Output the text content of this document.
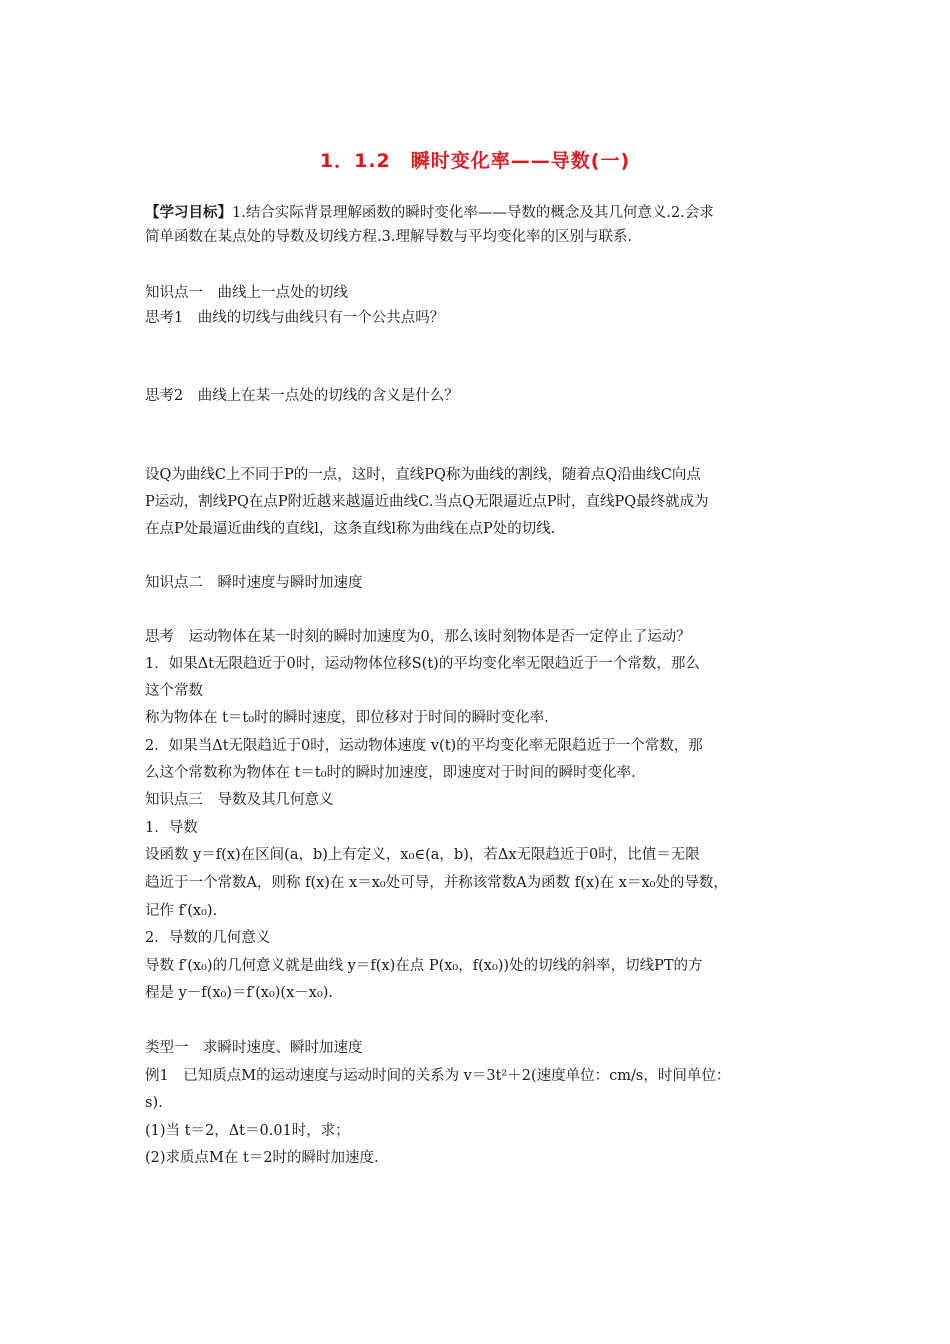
1．1.2　瞬时变化率——导数(一)
【学习目标】1.结合实际背景理解函数的瞬时变化率——导数的概念及其几何意义.2.会求
简单函数在某点处的导数及切线方程.3.理解导数与平均变化率的区别与联系.
知识点一　曲线上一点处的切线
思考1　曲线的切线与曲线只有一个公共点吗？
思考2　曲线上在某一点处的切线的含义是什么？
设Q为曲线C上不同于P的一点，这时，直线PQ称为曲线的割线，随着点Q沿曲线C向点
P运动，割线PQ在点P附近越来越逼近曲线C.当点Q无限逼近点P时，直线PQ最终就成为
在点P处最逼近曲线的直线l，这条直线l称为曲线在点P处的切线.
知识点二　瞬时速度与瞬时加速度
思考　运动物体在某一时刻的瞬时加速度为0，那么该时刻物体是否一定停止了运动？
1．如果Δt无限趋近于0时，运动物体位移S(t)的平均变化率无限趋近于一个常数，那么
这个常数
称为物体在 t＝t₀时的瞬时速度，即位移对于时间的瞬时变化率.
2．如果当Δt无限趋近于0时，运动物体速度 v(t)的平均变化率无限趋近于一个常数，那
么这个常数称为物体在 t＝t₀时的瞬时加速度，即速度对于时间的瞬时变化率.
知识点三　导数及其几何意义
1．导数
设函数 y＝f(x)在区间(a，b)上有定义，x₀∈(a，b)，若Δx无限趋近于0时，比值＝无限
趋近于一个常数A，则称 f(x)在 x＝x₀处可导，并称该常数A为函数 f(x)在 x＝x₀处的导数，
记作 f′(x₀).
2．导数的几何意义
导数 f′(x₀)的几何意义就是曲线 y＝f(x)在点 P(x₀，f(x₀))处的切线的斜率，切线PT的方
程是 y－f(x₀)＝f′(x₀)(x－x₀).
类型一　求瞬时速度、瞬时加速度
例1　已知质点M的运动速度与运动时间的关系为 v＝3t²＋2(速度单位：cm/s，时间单位：
s).
(1)当 t＝2，Δt＝0.01时，求；
(2)求质点M在 t＝2时的瞬时加速度.
